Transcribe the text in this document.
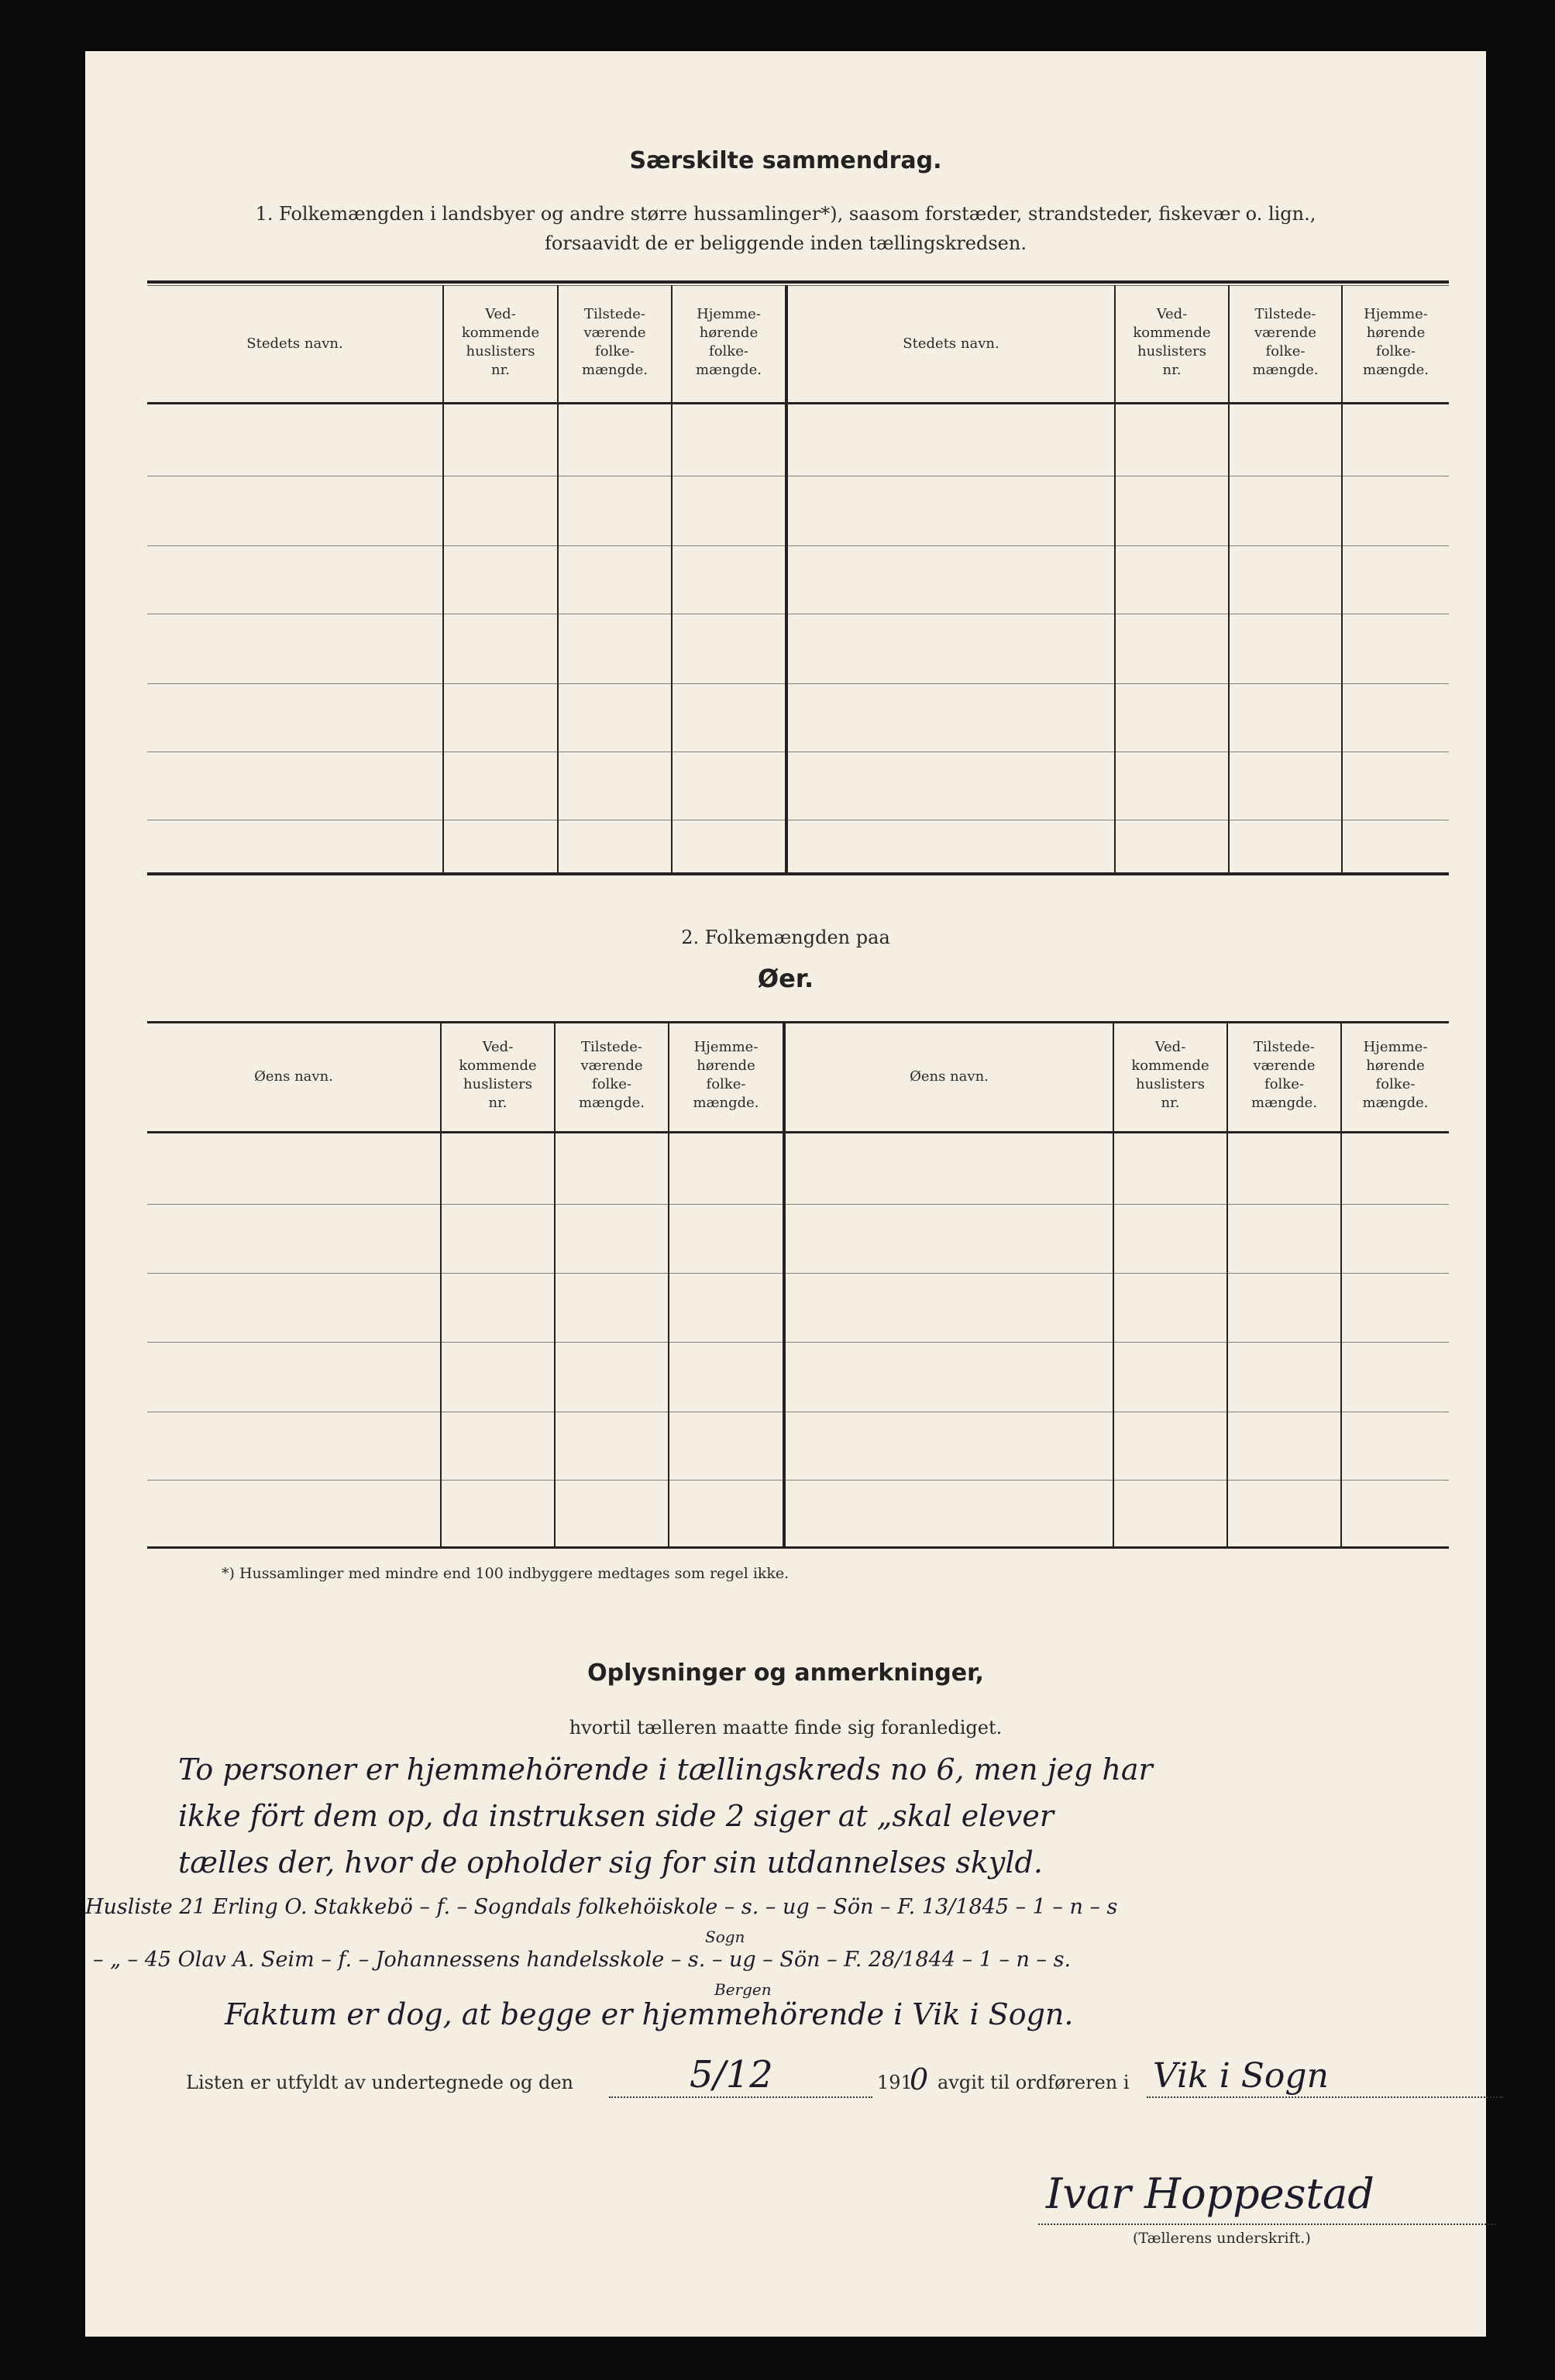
Særskilte sammendrag.
1. Folkemængden i landsbyer og andre større hussamlinger*), saasom forstæder, strandsteder, fiskevær o. lign.,
forsaavidt de er beliggende inden tællingskredsen.
Stedets navn.
Ved-
kommende
huslisters
nr.
Tilstede-
værende
folke-
mængde.
Hjemme-
hørende
folke-
mængde.
Stedets navn.
Ved-
kommende
huslisters
nr.
Tilstede-
værende
folke-
mængde.
Hjemme-
hørende
folke-
mængde.
2. Folkemængden paa
Øer.
Øens navn.
Ved-
kommende
huslisters
nr.
Tilstede-
værende
folke-
mængde.
Hjemme-
hørende
folke-
mængde.
Øens navn.
Ved-
kommende
huslisters
nr.
Tilstede-
værende
folke-
mængde.
Hjemme-
hørende
folke-
mængde.
*) Hussamlinger med mindre end 100 indbyggere medtages som regel ikke.
Oplysninger og anmerkninger,
hvortil tælleren maatte finde sig foranlediget.
To personer er hjemmehörende i tællingskreds no 6, men jeg har
ikke fört dem op, da instruksen side 2 siger at „skal elever
tælles der, hvor de opholder sig for sin utdannelses skyld.
Husliste 21 Erling O. Stakkebö – f. – Sogndals folkehöiskole – s. – ug – Sön – F. 13/1845 – 1 – n – s
– „ – 45 Olav A. Seim – f. – Johannessens handelsskole – s. – ug – Sön – F. 28/1844 – 1 – n – s.
Sogn
Bergen
Faktum er dog, at begge er hjemmehörende i Vik i Sogn.
Listen er utfyldt av undertegnede og den	5/12	191
0 avgit til ordføreren i Vik i Sogn
Ivar Hoppestad
(Tællerens underskrift.)
